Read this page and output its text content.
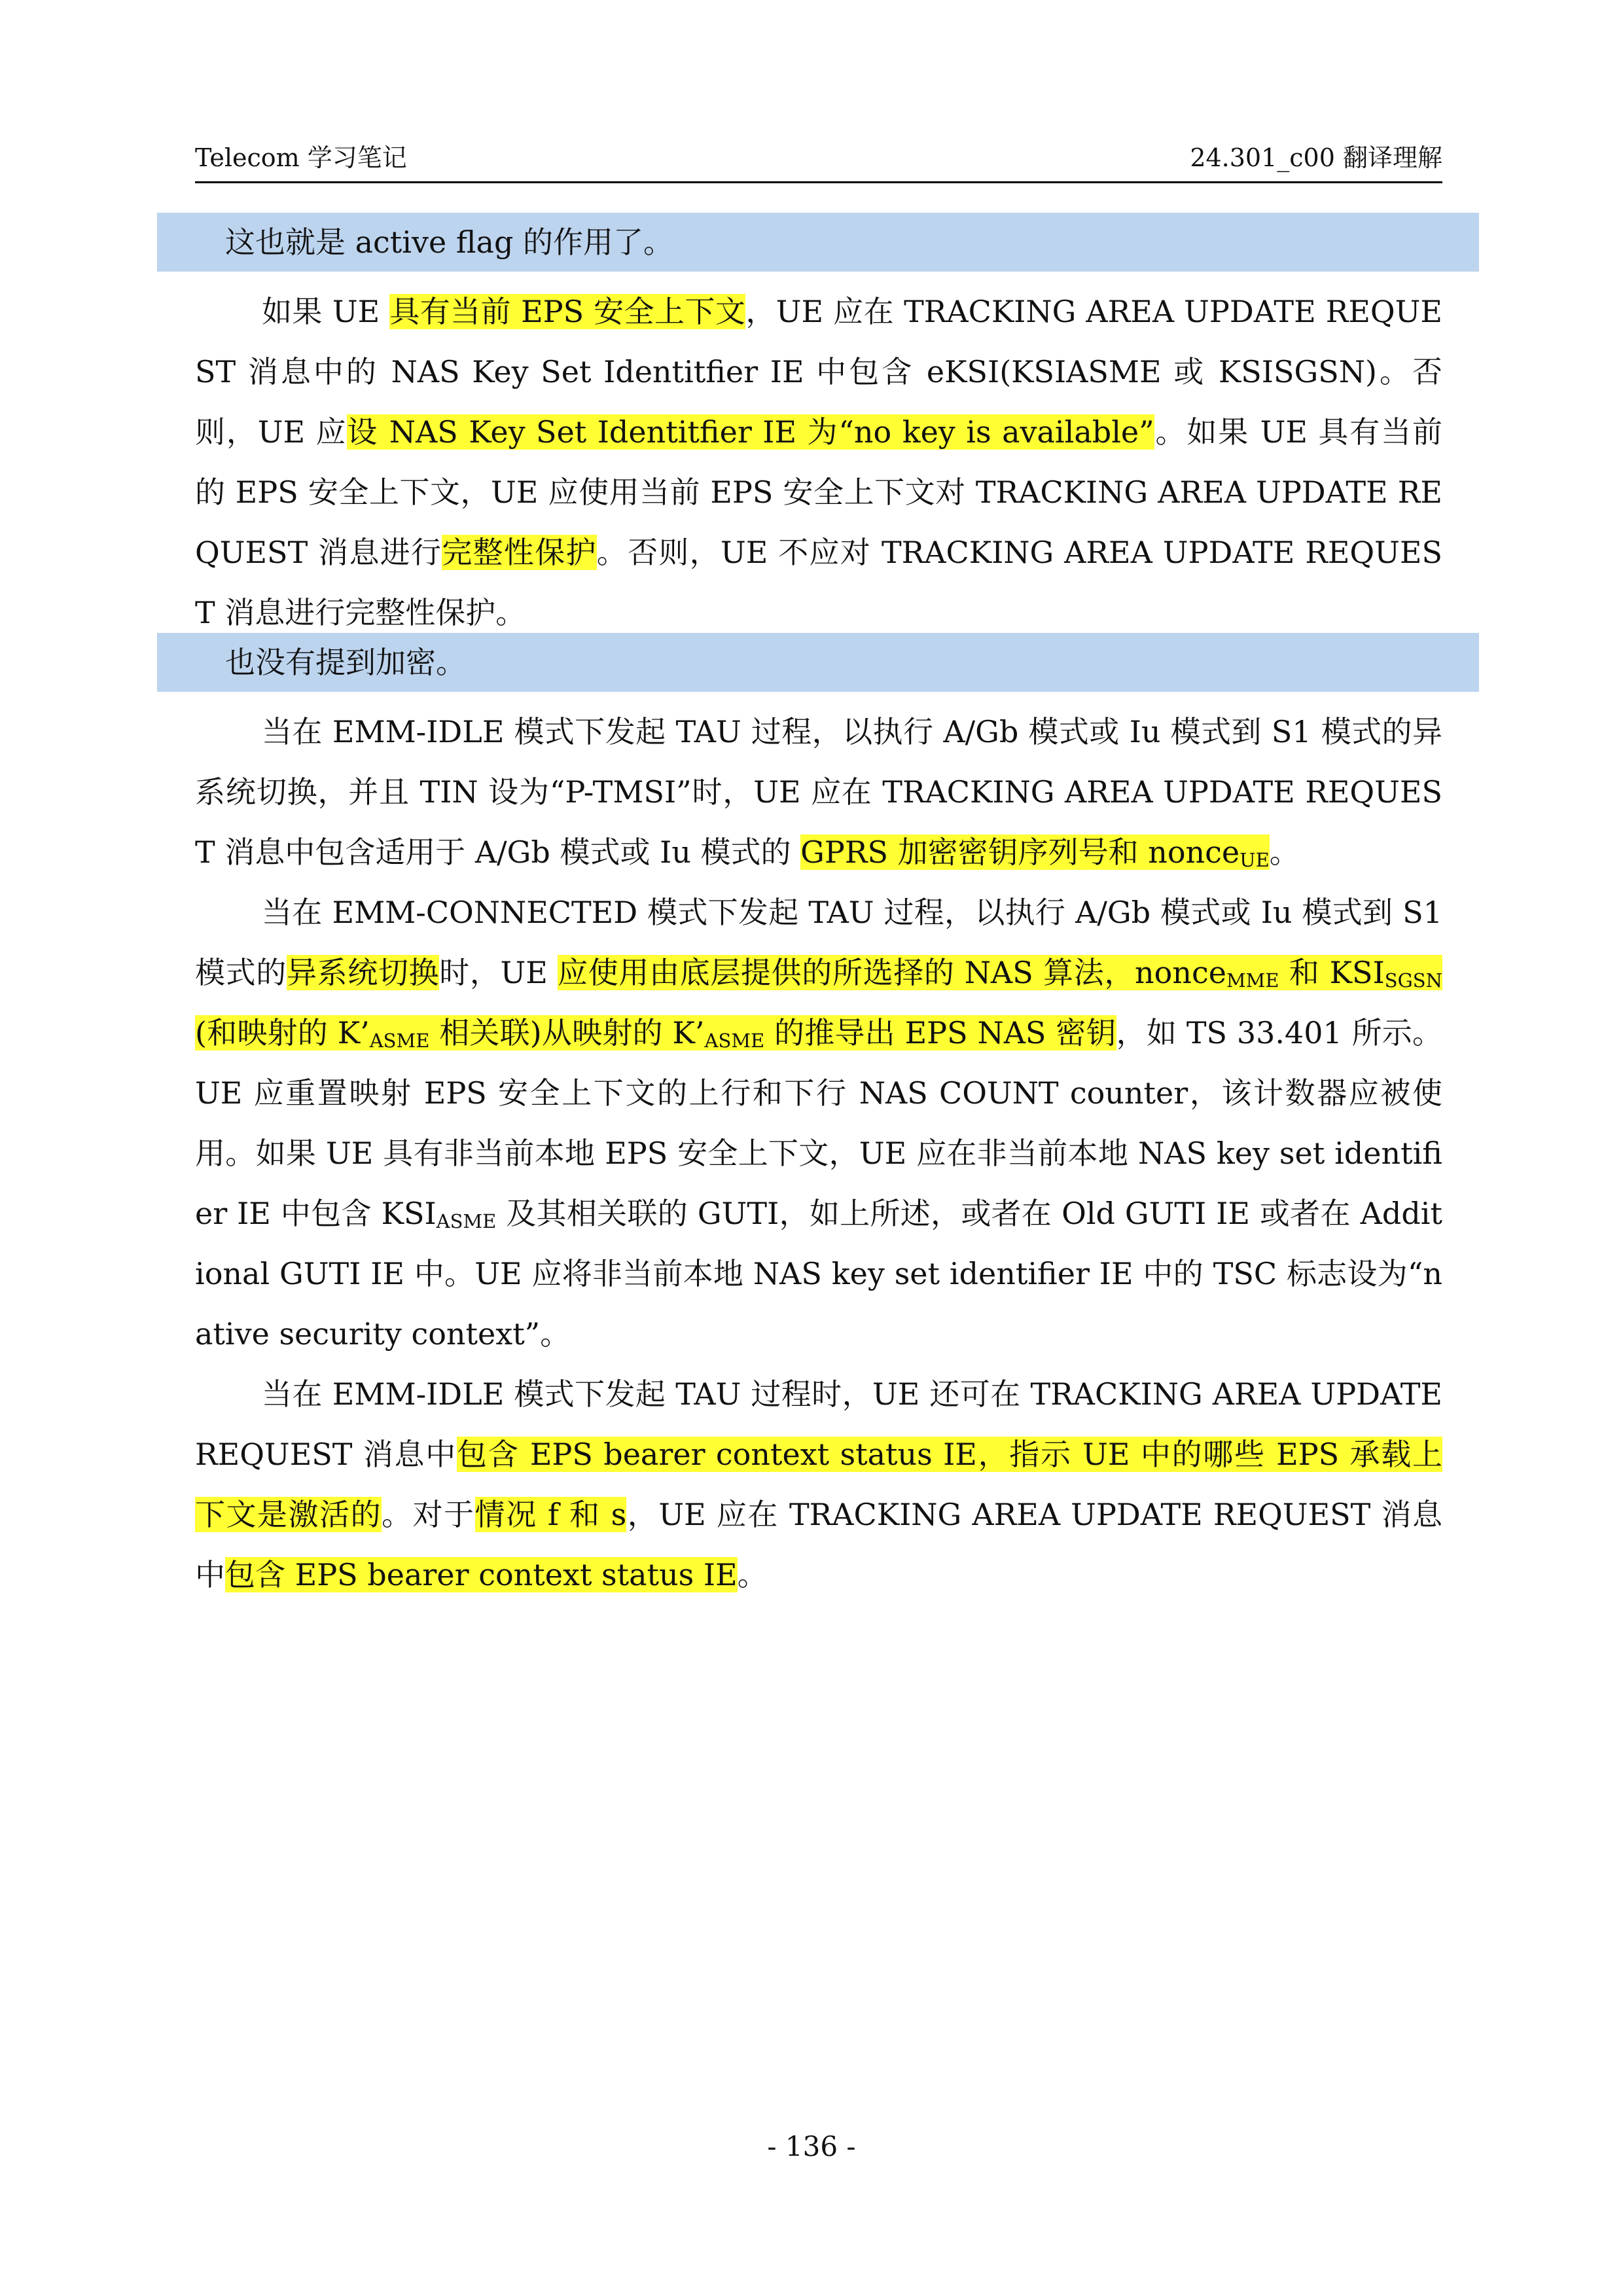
Telecom 学习笔记	24.301_c00 翻译理解
这也就是 active flag 的作用了。

如果 UE 具有当前 EPS 安全上下文，UE 应在 TRACKING AREA UPDATE REQUEST 消息中的 NAS Key Set Identitfier IE 中包含 eKSI(KSIASME 或 KSISGSN)。否则，UE 应设 NAS Key Set Identitfier IE 为“no key is available”。如果 UE 具有当前的 EPS 安全上下文，UE 应使用当前 EPS 安全上下文对 TRACKING AREA UPDATE REQUEST 消息进行完整性保护。否则，UE 不应对 TRACKING AREA UPDATE REQUEST 消息进行完整性保护。

也没有提到加密。

当在 EMM-IDLE 模式下发起 TAU 过程，以执行 A/Gb 模式或 Iu 模式到 S1 模式的异系统切换，并且 TIN 设为“P-TMSI”时，UE 应在 TRACKING AREA UPDATE REQUEST 消息中包含适用于 A/Gb 模式或 Iu 模式的 GPRS 加密密钥序列号和 nonce$_{UE}$。

当在 EMM-CONNECTED 模式下发起 TAU 过程，以执行 A/Gb 模式或 Iu 模式到 S1 模式的异系统切换时，UE 应使用由底层提供的所选择的 NAS 算法，nonce$_{MME}$ 和 $KSI_{SGSN}$(和映射的 $K’_{ASME}$ 相关联)从映射的 $K’_{ASME}$ 的推导出 EPS NAS 密钥，如 TS 33.401 所示。UE 应重置映射 EPS 安全上下文的上行和下行 NAS COUNT counter，该计数器应被使用。如果 UE 具有非当前本地 EPS 安全上下文，UE 应在非当前本地 NAS key set identifier IE 中包含 $KSI_{ASME}$ 及其相关联的 GUTI，如上所述，或者在 Old GUTI IE 或者在 Additional GUTI IE 中。UE 应将非当前本地 NAS key set identifier IE 中的 TSC 标志设为“native security context”。

当在 EMM-IDLE 模式下发起 TAU 过程时，UE 还可在 TRACKING AREA UPDATE REQUEST 消息中包含 EPS bearer context status IE，指示 UE 中的哪些 EPS 承载上下文是激活的。对于情况 f 和 s，UE 应在 TRACKING AREA UPDATE REQUEST 消息中包含 EPS bearer context status IE。

- 136 -
